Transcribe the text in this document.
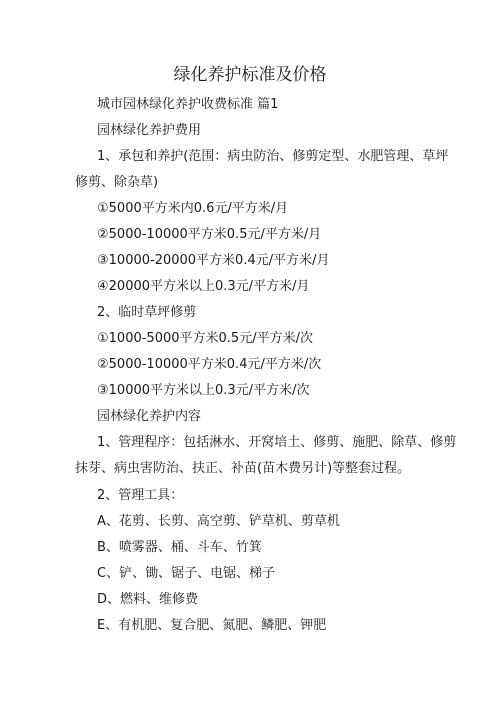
绿化养护标准及价格
城市园林绿化养护收费标准 篇1
园林绿化养护费用
1、承包和养护(范围：病虫防治、修剪定型、水肥管理、草坪
修剪、除杂草)
①5000平方米内0.6元/平方米/月
②5000-10000平方米0.5元/平方米/月
③10000-20000平方米0.4元/平方米/月
④20000平方米以上0.3元/平方米/月
2、临时草坪修剪
①1000-5000平方米0.5元/平方米/次
②5000-10000平方米0.4元/平方米/次
③10000平方米以上0.3元/平方米/次
园林绿化养护内容
1、管理程序：包括淋水、开窝培土、修剪、施肥、除草、修剪
抹芽、病虫害防治、扶正、补苗(苗木费另计)等整套过程。
2、管理工具：
A、花剪、长剪、高空剪、铲草机、剪草机
B、喷雾器、桶、斗车、竹箕
C、铲、锄、锯子、电锯、梯子
D、燃料、维修费
E、有机肥、复合肥、氮肥、鳞肥、钾肥
